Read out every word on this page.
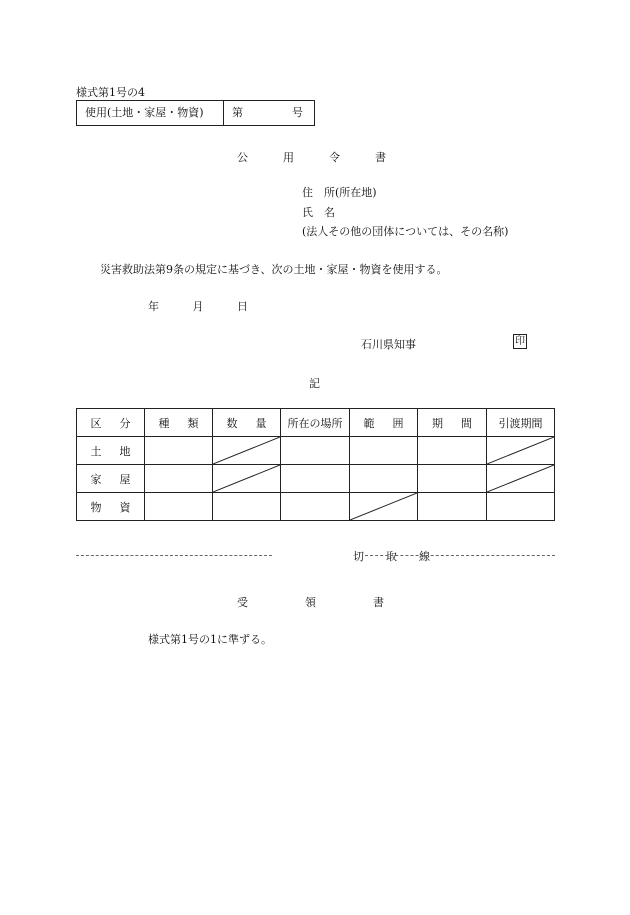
様式第1号の4
使用(土地・家屋・物資)	第	号
公用令書
住　所(所在地)
氏　名
(法人その他の団体については、その名称)
災害救助法第9条の規定に基づき、次の土地・家屋・物資を使用する。
年	月	日
石川県知事	印
記
区分	種類	数量	所在の場所	範囲	期間	引渡期間
土地		

家屋		

物資				

切取線
受領書
様式第1号の1に準ずる。
